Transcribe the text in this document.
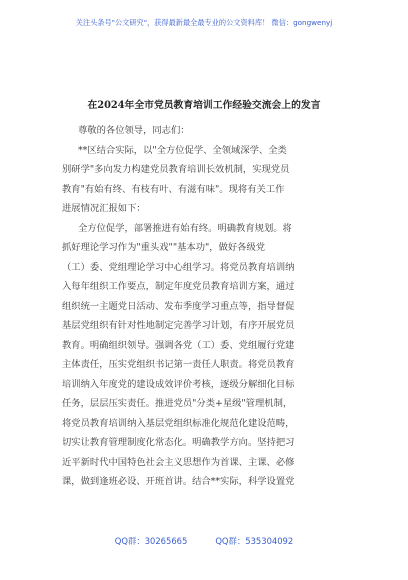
关注头条号"公文研究"，获得最新最全最专业的公文资料库！ 微信：gongwenyj
在2024年全市党员教育培训工作经验交流会上的发言

尊敬的各位领导，同志们：

**区结合实际，以"全方位促学、全领域深学、全类
别研学"多向发力构建党员教育培训长效机制，实现党员
教育"有始有终、有枝有叶、有滋有味"。现将有关工作
进展情况汇报如下：

全方位促学，部署推进有始有终。明确教育规划。将
抓好理论学习作为"重头戏""基本功"，做好各级党
（工）委、党组理论学习中心组学习。将党员教育培训纳
入每年组织工作要点，制定年度党员教育培训方案，通过
组织统一主题党日活动、发布季度学习重点等，指导督促
基层党组织有针对性地制定完善学习计划，有序开展党员
教育。明确组织领导。强调各党（工）委、党组履行党建
主体责任，压实党组织书记第一责任人职责。将党员教育
培训纳入年度党的建设成效评价考核，逐级分解细化目标
任务，层层压实责任。推进党员"分类+星级"管理机制，
将党员教育培训纳入基层党组织标准化规范化建设范畴，
切实让教育管理制度化常态化。明确教学方向。坚持把习
近平新时代中国特色社会主义思想作为首课、主课、必修
课，做到逢班必设、开班首讲。结合**实际，科学设置党

QQ群：30265665	QQ群：535304092
